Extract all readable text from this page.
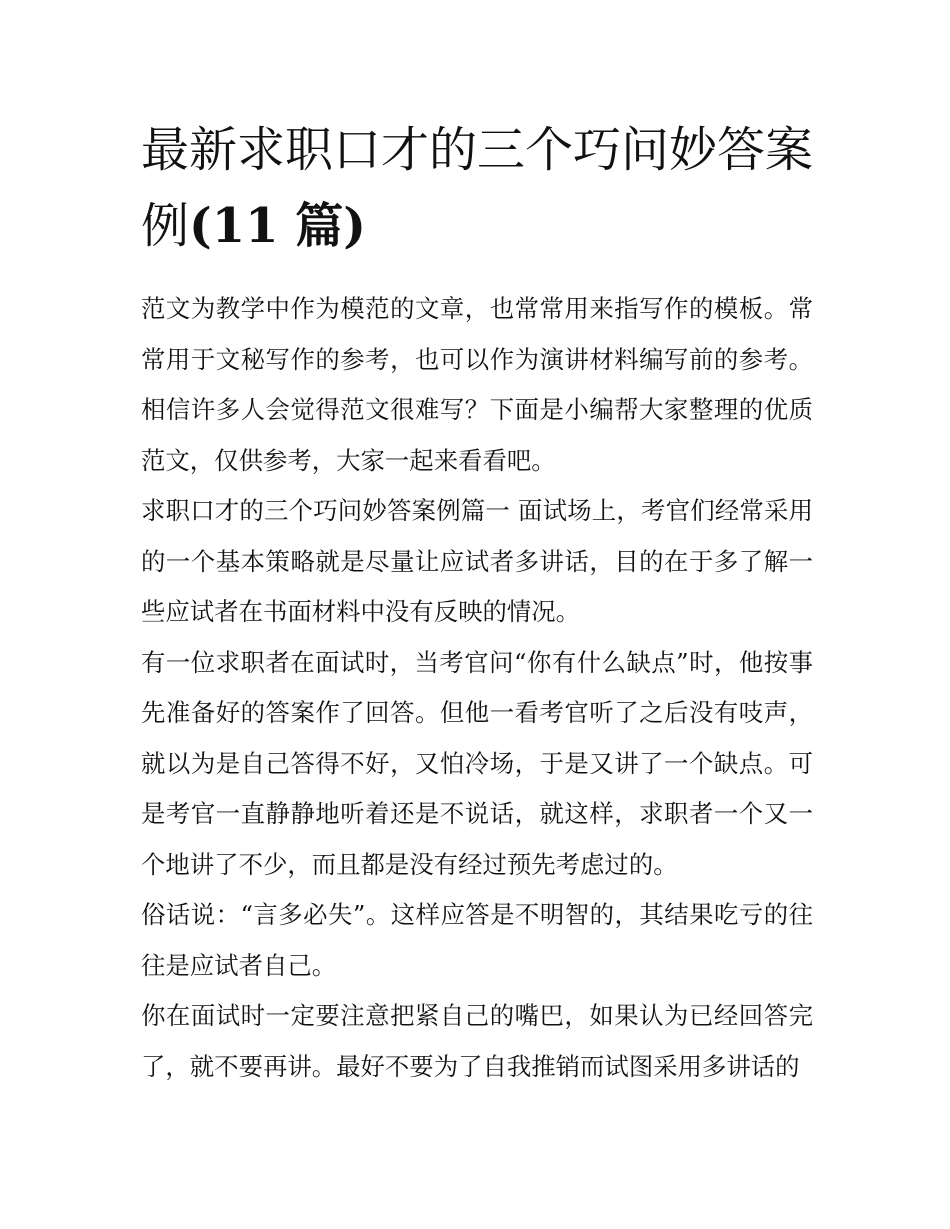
最新求职口才的三个巧问妙答案例(11 篇)

范文为教学中作为模范的文章，也常常用来指写作的模板。常常用于文秘写作的参考，也可以作为演讲材料编写前的参考。相信许多人会觉得范文很难写？下面是小编帮大家整理的优质范文，仅供参考，大家一起来看看吧。

求职口才的三个巧问妙答案例篇一 面试场上，考官们经常采用的一个基本策略就是尽量让应试者多讲话，目的在于多了解一些应试者在书面材料中没有反映的情况。

有一位求职者在面试时，当考官问“你有什么缺点”时，他按事先准备好的答案作了回答。但他一看考官听了之后没有吱声，就以为是自己答得不好，又怕冷场，于是又讲了一个缺点。可是考官一直静静地听着还是不说话，就这样，求职者一个又一个地讲了不少，而且都是没有经过预先考虑过的。

俗话说：“言多必失”。这样应答是不明智的，其结果吃亏的往往是应试者自己。

你在面试时一定要注意把紧自己的嘴巴，如果认为已经回答完了，就不要再讲。最好不要为了自我推销而试图采用多讲话的
